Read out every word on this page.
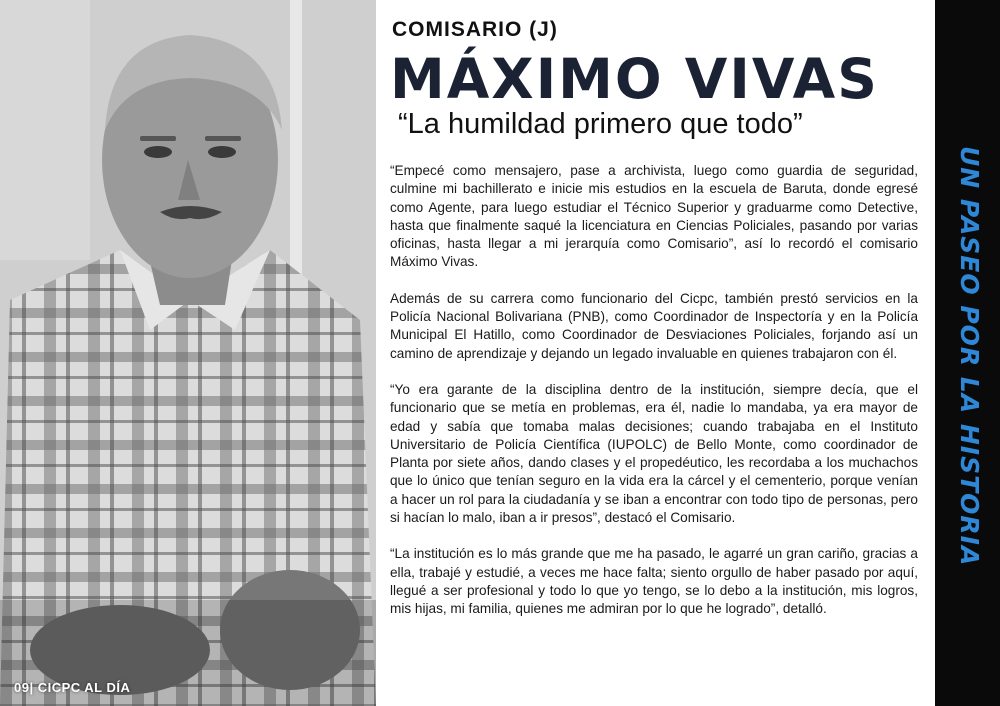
09| CICPC AL DÍA
COMISARIO (J)
MÁXIMO VIVAS
“La humildad primero que todo”

“Empecé como mensajero, pase a archivista, luego como guardia de seguridad, culmine mi bachillerato e inicie mis estudios en la escuela de Baruta, donde egresé como Agente, para luego estudiar el Técnico Superior y graduarme como Detective, hasta que finalmente saqué la licenciatura en Ciencias Policiales, pasando por varias oficinas, hasta llegar a mi jerarquía como Comisario”, así lo recordó el comisario Máximo Vivas.

Además de su carrera como funcionario del Cicpc, también prestó servicios en la Policía Nacional Bolivariana (PNB), como Coordinador de Inspectoría y en la Policía Municipal El Hatillo, como Coordinador de Desviaciones Policiales, forjando así un camino de aprendizaje y dejando un legado invaluable en quienes trabajaron con él.

“Yo era garante de la disciplina dentro de la institución, siempre decía, que el funcionario que se metía en problemas, era él, nadie lo mandaba, ya era mayor de edad y sabía que tomaba malas decisiones; cuando trabajaba en el Instituto Universitario de Policía Científica (IUPOLC) de Bello Monte, como coordinador de Planta por siete años, dando clases y el propedéutico, les recordaba a los muchachos que lo único que tenían seguro en la vida era la cárcel y el cementerio, porque venían a hacer un rol para la ciudadanía y se iban a encontrar con todo tipo de personas, pero si hacían lo malo, iban a ir presos”, destacó el Comisario.

“La institución es lo más grande que me ha pasado, le agarré un gran cariño, gracias a ella, trabajé y estudié, a veces me hace falta; siento orgullo de haber pasado por aquí, llegué a ser profesional y todo lo que yo tengo, se lo debo a la institución, mis logros, mis hijas, mi familia, quienes me admiran por lo que he logrado”, detalló.

UN PASEO POR LA HISTORIA
